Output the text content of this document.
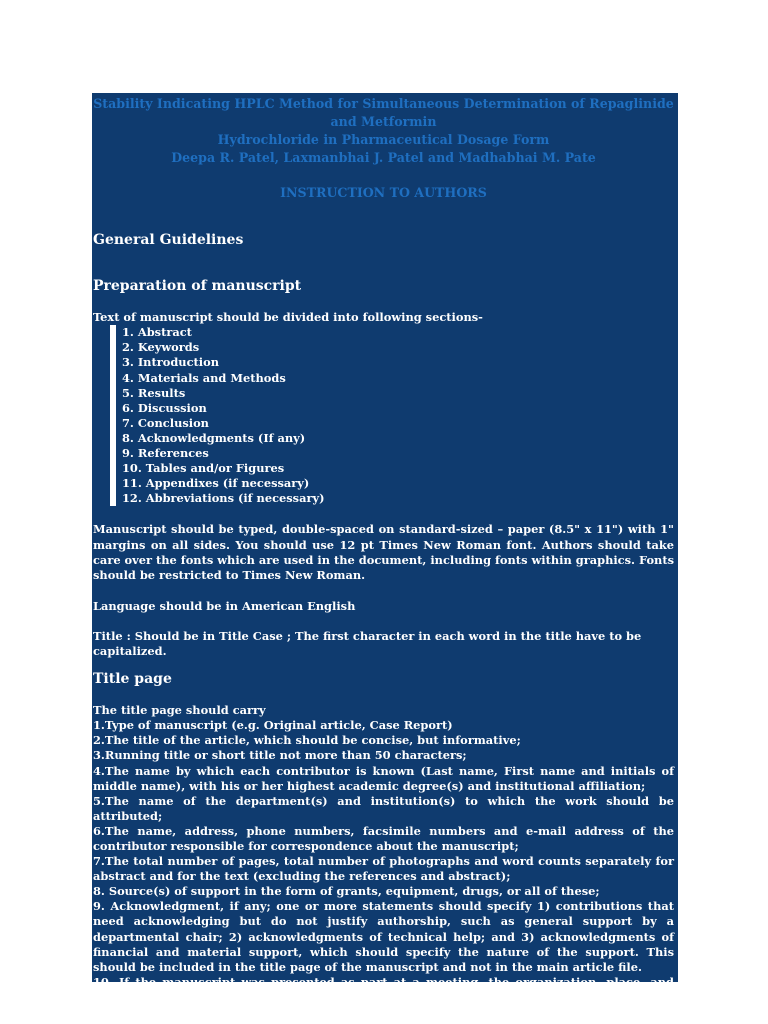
Stability Indicating HPLC Method for Simultaneous Determination of Repaglinide
and Metformin
Hydrochloride in Pharmaceutical Dosage Form
Deepa R. Patel, Laxmanbhai J. Patel and Madhabhai M. Pate
INSTRUCTION TO AUTHORS
General Guidelines
Preparation of manuscript

Text of manuscript should be divided into following sections-

1. Abstract
2. Keywords
3. Introduction
4. Materials and Methods
5. Results
6. Discussion
7. Conclusion
8. Acknowledgments (If any)
9. References
10. Tables and/or Figures
11. Appendixes (if necessary)
12. Abbreviations (if necessary)

Manuscript should be typed, double-spaced on standard-sized – paper (8.5" x 11") with 1" margins on all sides. You should use 12 pt Times New Roman font. Authors should take care over the fonts which are used in the document, including fonts within graphics. Fonts should be restricted to Times New Roman.

Language should be in American English

Title : Should be in Title Case ; The first character in each word in the title have to be capitalized.

Title page

The title page should carry

1.Type of manuscript (e.g. Original article, Case Report)

2.The title of the article, which should be concise, but informative;

3.Running title or short title not more than 50 characters;

4.The name by which each contributor is known (Last name, First name and initials of middle name), with his or her highest academic degree(s) and institutional affiliation;

5.The name of the department(s) and institution(s) to which the work should be attributed;

6.The name, address, phone numbers, facsimile numbers and e-mail address of the contributor responsible for correspondence about the manuscript;

7.The total number of pages, total number of photographs and word counts separately for abstract and for the text (excluding the references and abstract);

8. Source(s) of support in the form of grants, equipment, drugs, or all of these;

9. Acknowledgment, if any; one or more statements should specify 1) contributions that need acknowledging but do not justify authorship, such as general support by a departmental chair; 2) acknowledgments of technical help; and 3) acknowledgments of financial and material support, which should specify the nature of the support. This should be included in the title page of the manuscript and not in the main article file.

10. If the manuscript was presented as part at a meeting, the organization, place, and exact date on which it was read.
